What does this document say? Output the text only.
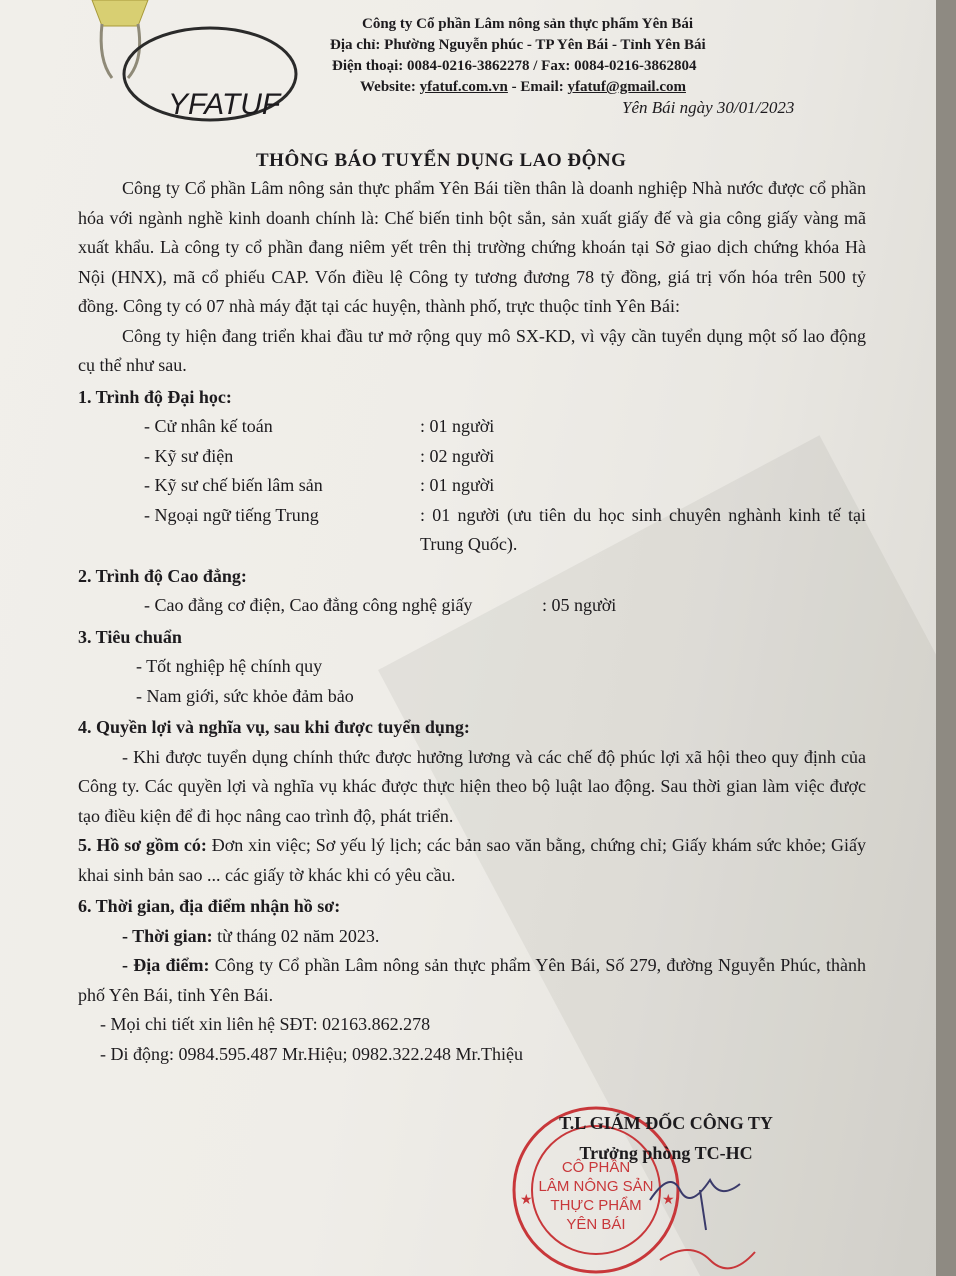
YFATUF
Công ty Cổ phần Lâm nông sản thực phẩm Yên Bái
Địa chỉ: Phường Nguyễn phúc - TP Yên Bái - Tỉnh Yên Bái
Điện thoại: 0084-0216-3862278 / Fax: 0084-0216-3862804
Website: yfatuf.com.vn - Email: yfatuf@gmail.com
Yên Bái ngày 30/01/2023
THÔNG BÁO TUYỂN DỤNG LAO ĐỘNG

Công ty Cổ phần Lâm nông sản thực phẩm Yên Bái tiền thân là doanh nghiệp Nhà nước được cổ phần hóa với ngành nghề kinh doanh chính là: Chế biến tinh bột sắn, sản xuất giấy đế và gia công giấy vàng mã xuất khẩu. Là công ty cổ phần đang niêm yết trên thị trường chứng khoán tại Sở giao dịch chứng khóa Hà Nội (HNX), mã cổ phiếu CAP. Vốn điều lệ Công ty tương đương 78 tỷ đồng, giá trị vốn hóa trên 500 tỷ đồng. Công ty có 07 nhà máy đặt tại các huyện, thành phố, trực thuộc tỉnh Yên Bái:

Công ty hiện đang triển khai đầu tư mở rộng quy mô SX-KD, vì vậy cần tuyển dụng một số lao động cụ thể như sau.

1. Trình độ Đại học:

- Cử nhân kế toán	: 01 người
- Kỹ sư điện	: 02 người
- Kỹ sư chế biến lâm sản	: 01 người
- Ngoại ngữ tiếng Trung	: 01 người (ưu tiên du học sinh chuyên nghành kinh tế tại Trung Quốc).

2. Trình độ Cao đẳng:

- Cao đẳng cơ điện, Cao đẳng công nghệ giấy	: 05 người

3. Tiêu chuẩn

- Tốt nghiệp hệ chính quy

- Nam giới, sức khỏe đảm bảo

4. Quyền lợi và nghĩa vụ, sau khi được tuyển dụng:

- Khi được tuyển dụng chính thức được hưởng lương và các chế độ phúc lợi xã hội theo quy định của Công ty. Các quyền lợi và nghĩa vụ khác được thực hiện theo bộ luật lao động. Sau thời gian làm việc được tạo điều kiện để đi học nâng cao trình độ, phát triển.

5. Hồ sơ gồm có: Đơn xin việc; Sơ yếu lý lịch; các bản sao văn bằng, chứng chỉ; Giấy khám sức khỏe; Giấy khai sinh bản sao ... các giấy tờ khác khi có yêu cầu.

6. Thời gian, địa điểm nhận hồ sơ:

- Thời gian: từ tháng 02 năm 2023.

- Địa điểm: Công ty Cổ phần Lâm nông sản thực phẩm Yên Bái, Số 279, đường Nguyễn Phúc, thành phố Yên Bái, tỉnh Yên Bái.

- Mọi chi tiết xin liên hệ SĐT: 02163.862.278

- Di động: 0984.595.487 Mr.Hiệu; 0982.322.248 Mr.Thiệu

★	★
CÔ PHẦN
LÂM NÔNG SẢN
THỰC PHẨM
YÊN BÁI
T.L GIÁM ĐỐC CÔNG TY
Trưởng phòng TC-HC
